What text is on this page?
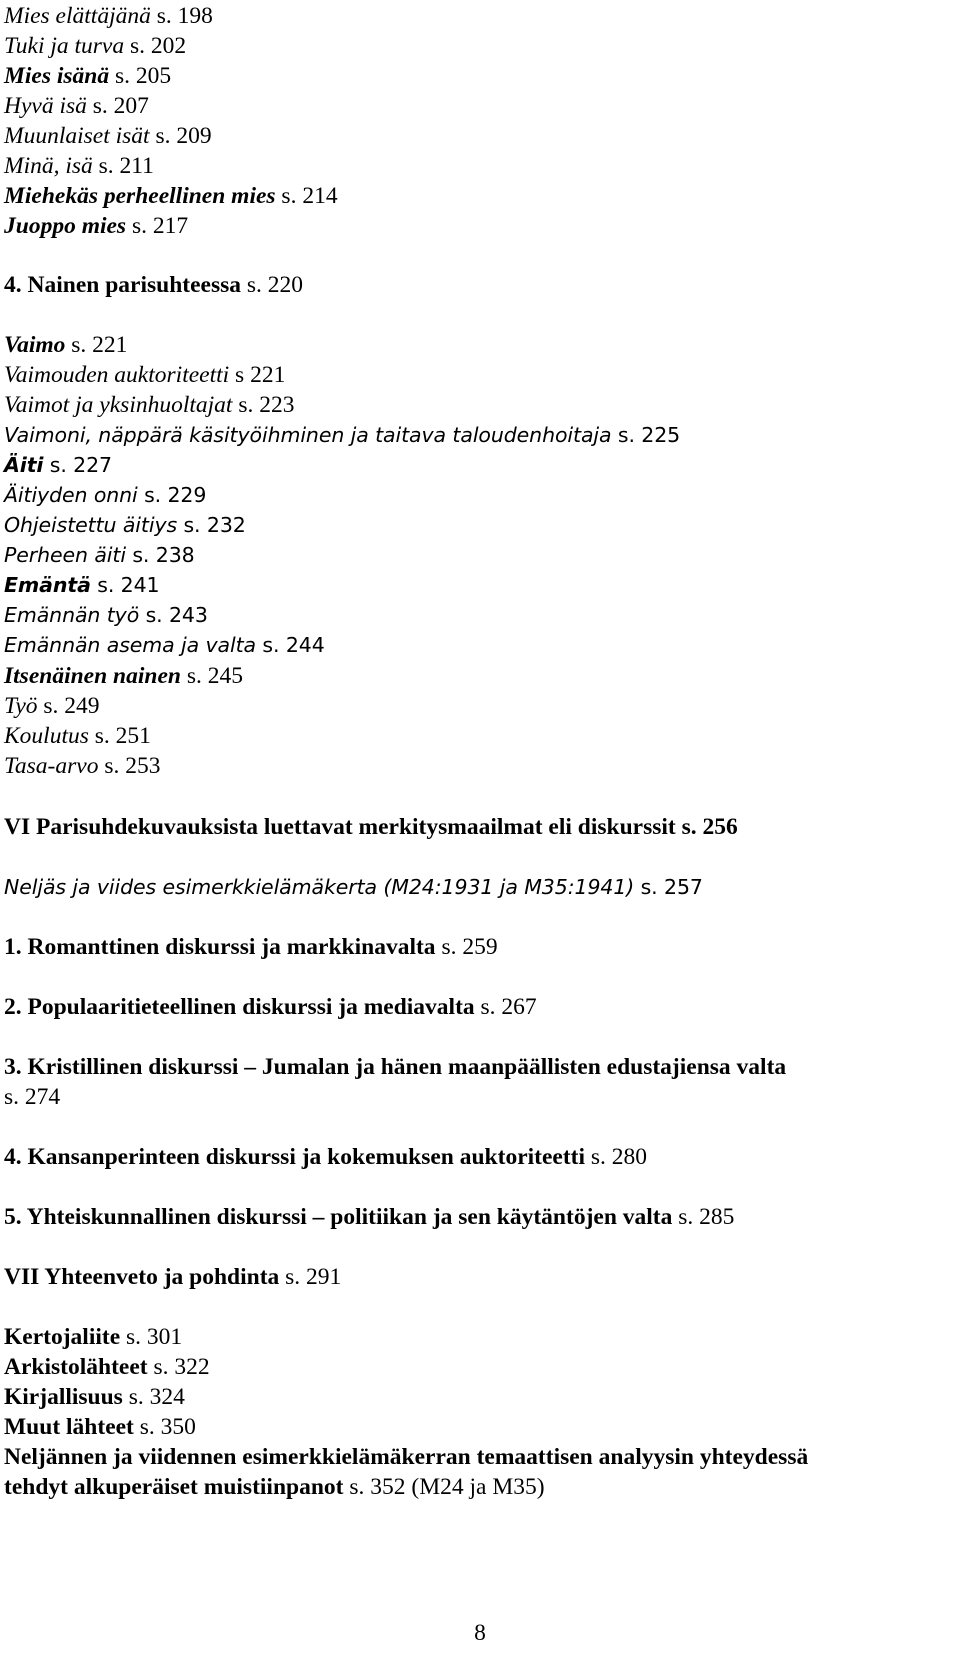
Mies elättäjänä s. 198

Tuki ja turva s. 202

Mies isänä s. 205

Hyvä isä s. 207

Muunlaiset isät s. 209

Minä, isä s. 211

Miehekäs perheellinen mies s. 214

Juoppo mies s. 217

4. Nainen parisuhteessa s. 220

Vaimo s. 221

Vaimouden auktoriteetti s 221

Vaimot ja yksinhuoltajat s. 223

Vaimoni, näppärä käsityöihminen ja taitava taloudenhoitaja s. 225

Äiti s. 227

Äitiyden onni s. 229

Ohjeistettu äitiys s. 232

Perheen äiti s. 238

Emäntä s. 241

Emännän työ s. 243

Emännän asema ja valta s. 244

Itsenäinen nainen s. 245

Työ s. 249

Koulutus s. 251

Tasa-arvo s. 253

VI Parisuhdekuvauksista luettavat merkitysmaailmat eli diskurssit s. 256

Neljäs ja viides esimerkkielämäkerta (M24:1931 ja M35:1941) s. 257

1. Romanttinen diskurssi ja markkinavalta s. 259

2. Populaaritieteellinen diskurssi ja mediavalta s. 267

3. Kristillinen diskurssi – Jumalan ja hänen maanpäällisten edustajiensa valta

s. 274

4. Kansanperinteen diskurssi ja kokemuksen auktoriteetti s. 280

5. Yhteiskunnallinen diskurssi – politiikan ja sen käytäntöjen valta s. 285

VII Yhteenveto ja pohdinta s. 291

Kertojaliite s. 301

Arkistolähteet s. 322

Kirjallisuus s. 324

Muut lähteet s. 350

Neljännen ja viidennen esimerkkielämäkerran temaattisen analyysin yhteydessä

tehdyt alkuperäiset muistiinpanot s. 352 (M24 ja M35)

8
